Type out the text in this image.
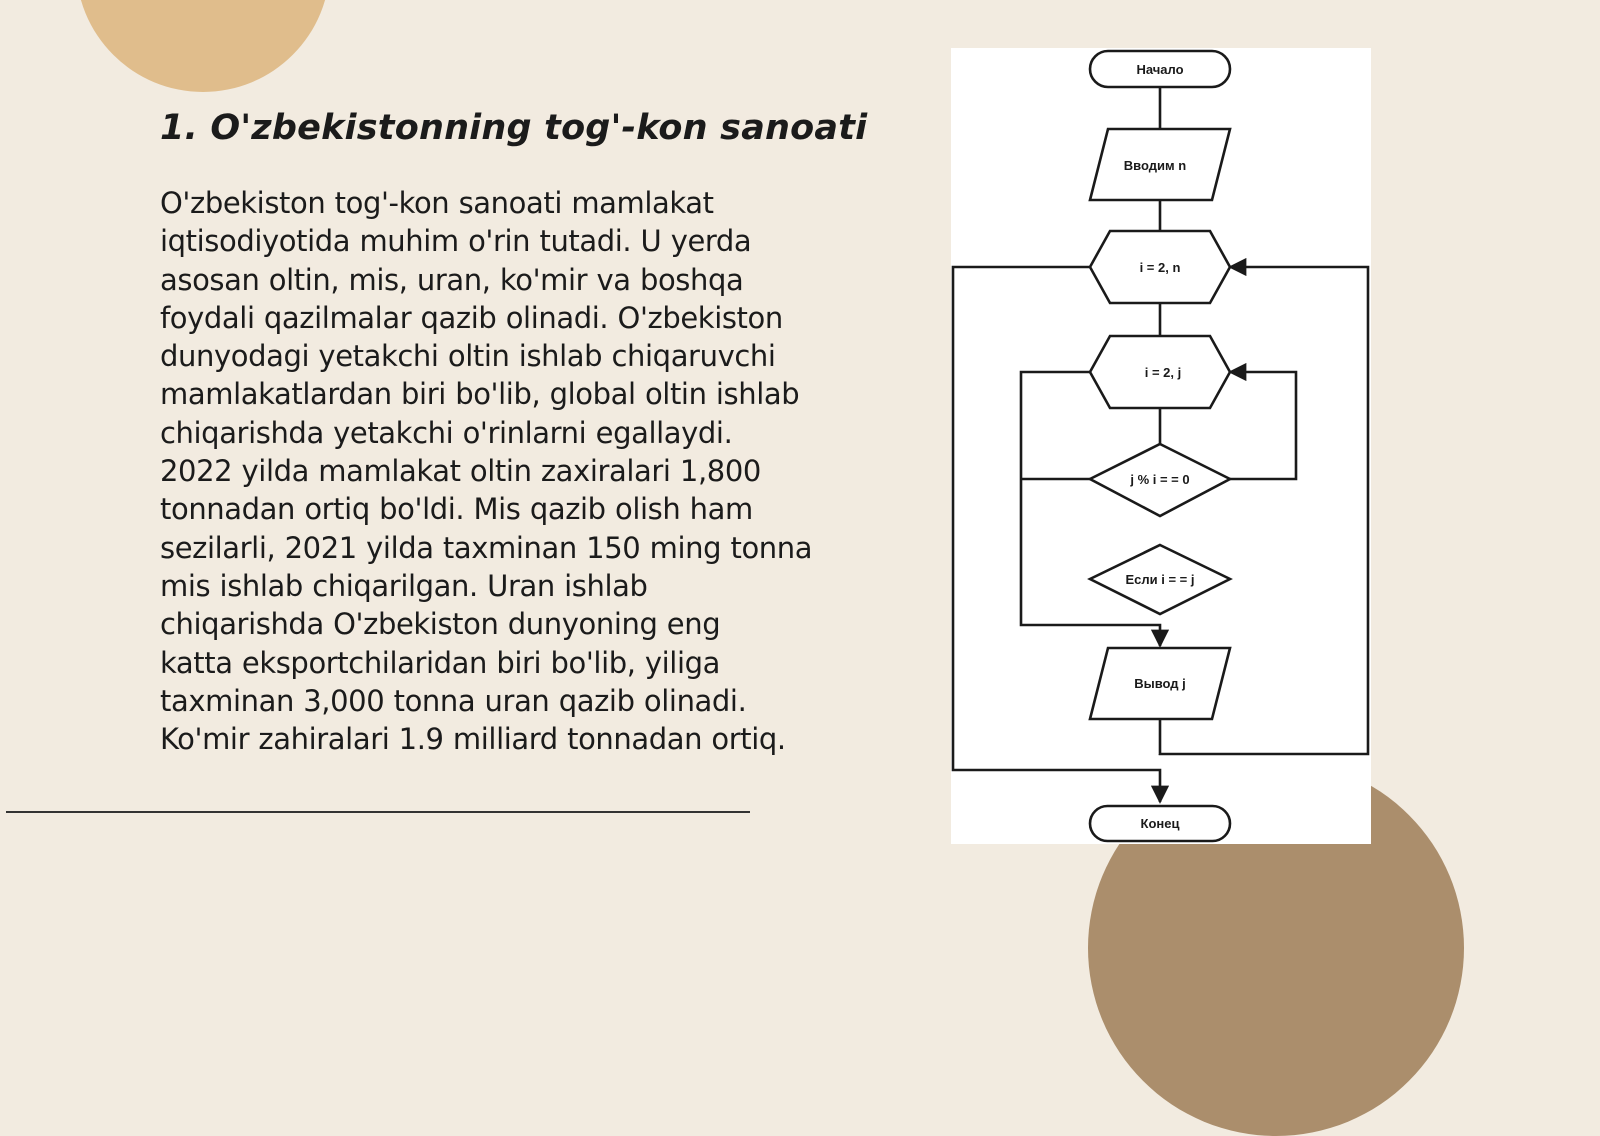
1. O'zbekistonning tog'-kon sanoati

O'zbekiston tog'-kon sanoati mamlakat
iqtisodiyotida muhim o'rin tutadi. U yerda
asosan oltin, mis, uran, ko'mir va boshqa
foydali qazilmalar qazib olinadi. O'zbekiston
dunyodagi yetakchi oltin ishlab chiqaruvchi
mamlakatlardan biri bo'lib, global oltin ishlab
chiqarishda yetakchi o'rinlarni egallaydi.
2022 yilda mamlakat oltin zaxiralari 1,800
tonnadan ortiq bo'ldi. Mis qazib olish ham
sezilarli, 2021 yilda taxminan 150 ming tonna
mis ishlab chiqarilgan. Uran ishlab
chiqarishda O'zbekiston dunyoning eng
katta eksportchilaridan biri bo'lib, yiliga
taxminan 3,000 tonna uran qazib olinadi.
Ko'mir zahiralari 1.9 milliard tonnadan ortiq.

Начало
Вводим n
i = 2, n
i = 2, j
j % i = = 0
Если i = = j
Вывод j
Конец
